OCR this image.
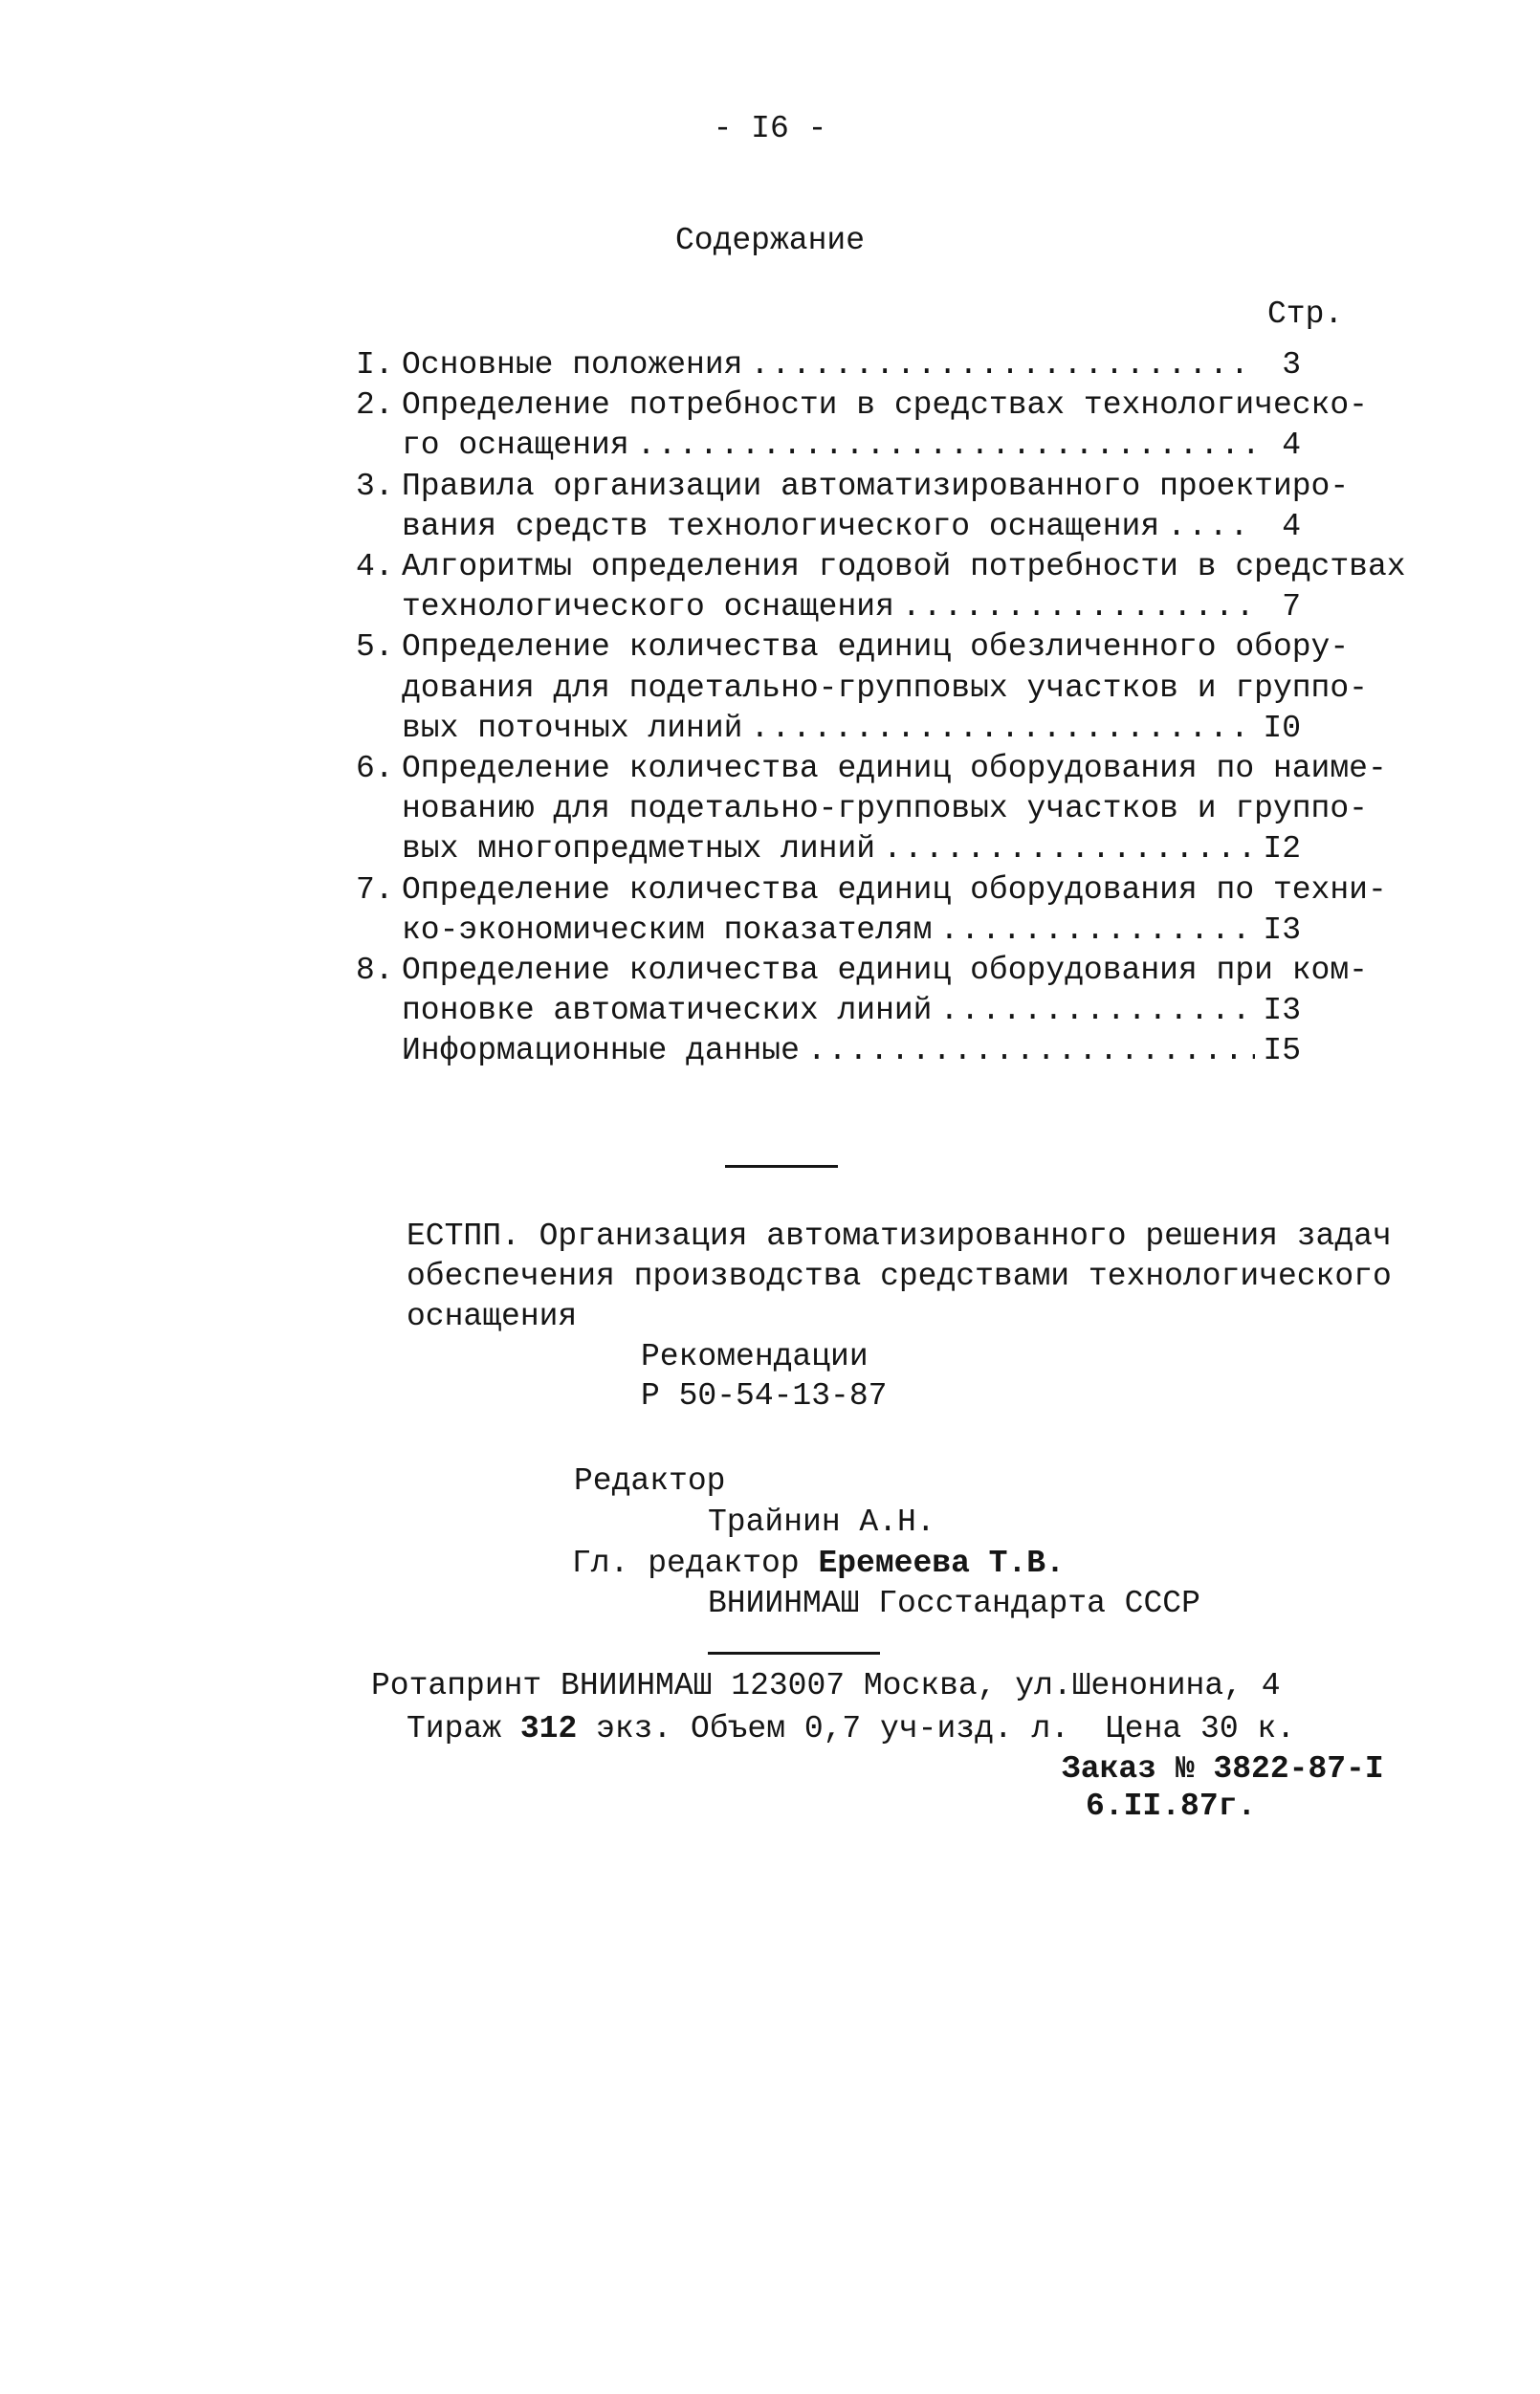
- I6 -
Содержание
Стр.
I. Основные положения .....	3
2. Определение потребности в средствах технологическо-
го оснащения .....	4
3. Правила организации автоматизированного проектиро-
вания средств технологического оснащения .....	4
4. Алгоритмы определения годовой потребности в средствах
технологического оснащения .....	7
5. Определение количества единиц обезличенного обору-
дования для подетально-групповых участков и группо-
вых поточных линий .....	I0
6. Определение количества единиц оборудования по наиме-
нованию для подетально-групповых участков и группо-
вых многопредметных линий .....	I2
7. Определение количества единиц оборудования по техни-
ко-экономическим показателям .....	I3
8. Определение количества единиц оборудования при ком-
поновке автоматических линий .....	I3
Информационные данные .....	I5
ЕСТПП. Организация автоматизированного решения задач
обеспечения производства средствами технологического
оснащения
Рекомендации
Р 50-54-13-87
Редактор
Трайнин А.Н.
Гл. редактор Еремеева Т.В.
ВНИИНМАШ Госстандарта СССР
Ротапринт ВНИИНМАШ 123007 Москва, ул.Шенонина, 4
Тираж 312 экз. Объем 0,7 уч-изд. л. Цена 30 к.
Заказ № 3822-87-I
6.II.87г.
